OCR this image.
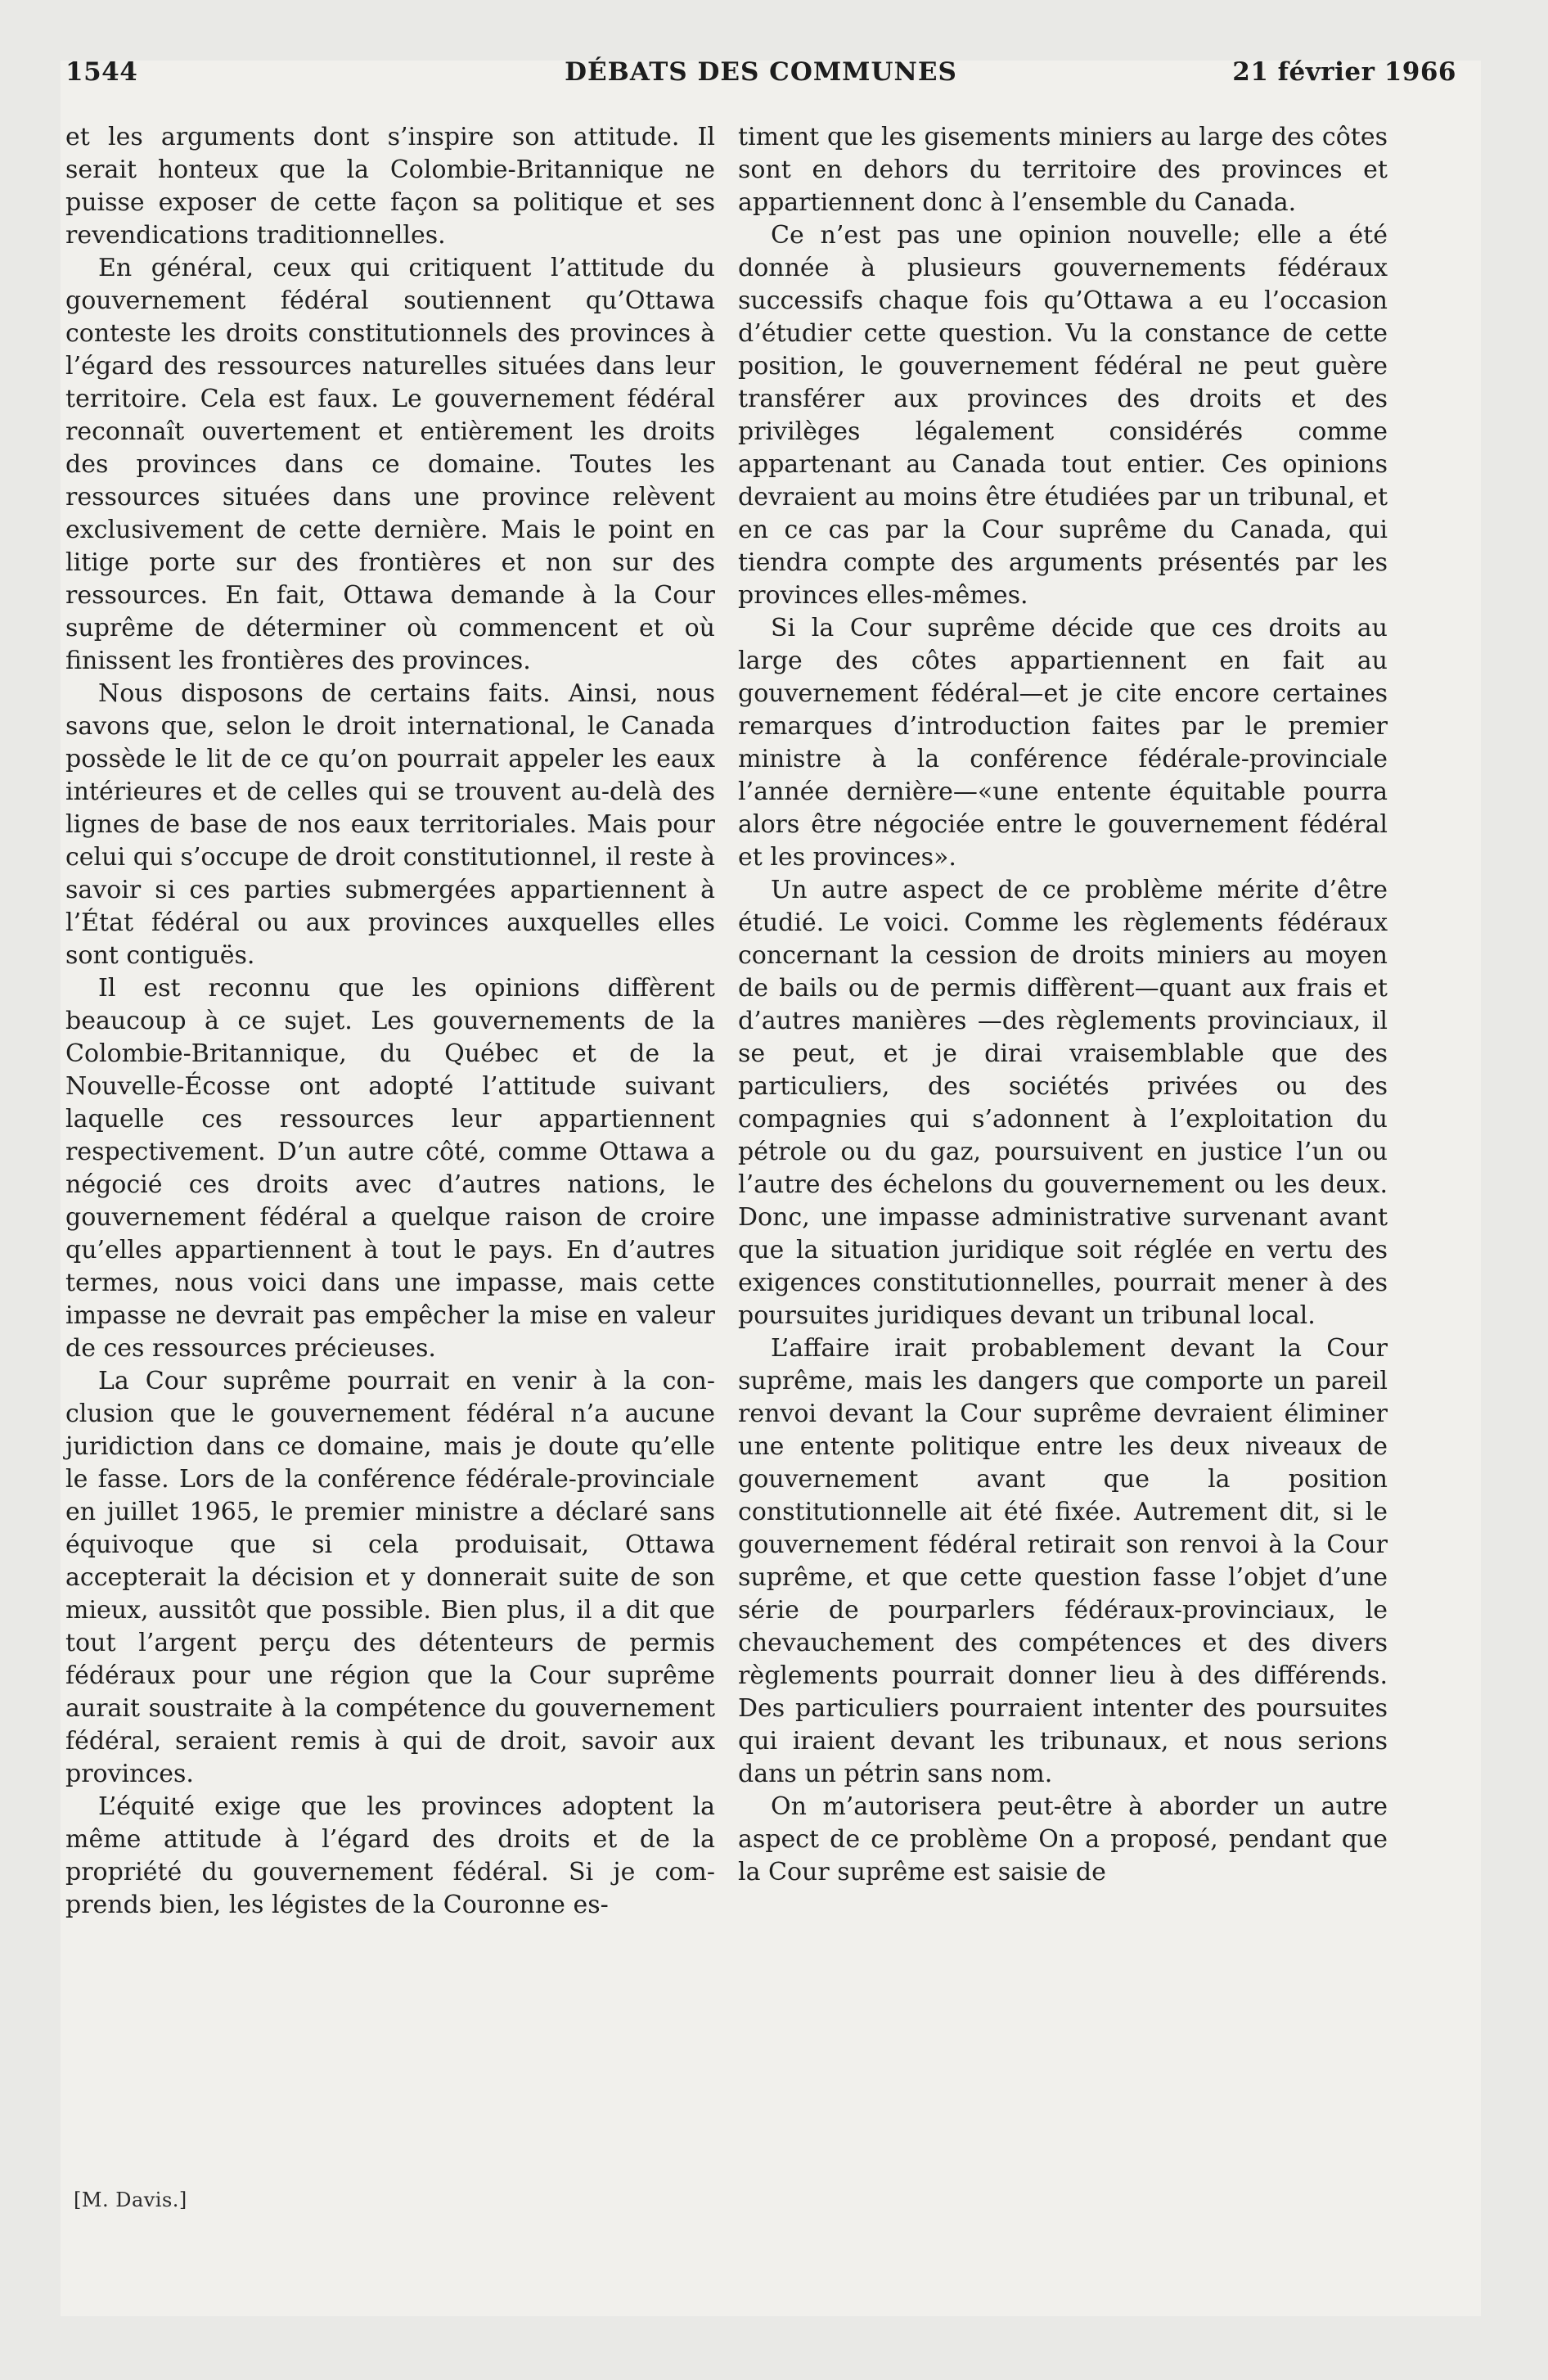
1544	DÉBATS DES COMMUNES	21 février 1966

et les arguments dont s’inspire son attitude. Il serait honteux que la Colombie-Britannique ne puisse exposer de cette façon sa politique et ses revendications traditionnelles.

En général, ceux qui critiquent l’attitude du gouvernement fédéral soutiennent qu’Ottawa conteste les droits constitutionnels des provinces à l’égard des ressources naturelles situées dans leur territoire. Cela est faux. Le gouvernement fédéral reconnaît ouvertement et entièrement les droits des provinces dans ce domaine. Toutes les ressources situées dans une province relèvent exclusivement de cette dernière. Mais le point en litige porte sur des frontières et non sur des ressources. En fait, Ottawa demande à la Cour suprême de déterminer où commencent et où finissent les frontières des provinces.

Nous disposons de certains faits. Ainsi, nous savons que, selon le droit international, le Canada possède le lit de ce qu’on pourrait appeler les eaux intérieures et de celles qui se trouvent au-delà des lignes de base de nos eaux territoriales. Mais pour celui qui s’occupe de droit constitutionnel, il reste à savoir si ces parties submergées appartiennent à l’État fédéral ou aux provinces auxquelles elles sont contiguës.

Il est reconnu que les opinions diffèrent beaucoup à ce sujet. Les gouvernements de la Colombie-Britannique, du Québec et de la Nouvelle-Écosse ont adopté l’attitude suivant laquelle ces ressources leur appartiennent respectivement. D’un autre côté, comme Ottawa a négocié ces droits avec d’autres nations, le gouvernement fédéral a quelque raison de croire qu’elles appartiennent à tout le pays. En d’autres termes, nous voici dans une impasse, mais cette impasse ne devrait pas empêcher la mise en valeur de ces ressources précieuses.

La Cour suprême pourrait en venir à la conclusion que le gouvernement fédéral n’a aucune juridiction dans ce domaine, mais je doute qu’elle le fasse. Lors de la conférence fédérale-provinciale en juillet 1965, le premier ministre a déclaré sans équivoque que si cela produisait, Ottawa accepterait la décision et y donnerait suite de son mieux, aussitôt que possible. Bien plus, il a dit que tout l’argent perçu des détenteurs de permis fédéraux pour une région que la Cour suprême aurait soustraite à la compétence du gouvernement fédéral, seraient remis à qui de droit, savoir aux provinces.

L’équité exige que les provinces adoptent la même attitude à l’égard des droits et de la propriété du gouvernement fédéral. Si je comprends bien, les légistes de la Couronne es-

timent que les gisements miniers au large des côtes sont en dehors du territoire des provinces et appartiennent donc à l’ensemble du Canada.

Ce n’est pas une opinion nouvelle; elle a été donnée à plusieurs gouvernements fédéraux successifs chaque fois qu’Ottawa a eu l’occasion d’étudier cette question. Vu la constance de cette position, le gouvernement fédéral ne peut guère transférer aux provinces des droits et des privilèges légalement considérés comme appartenant au Canada tout entier. Ces opinions devraient au moins être étudiées par un tribunal, et en ce cas par la Cour suprême du Canada, qui tiendra compte des arguments présentés par les provinces elles-mêmes.

Si la Cour suprême décide que ces droits au large des côtes appartiennent en fait au gouvernement fédéral—et je cite encore certaines remarques d’introduction faites par le premier ministre à la conférence fédérale-provinciale l’année dernière—«une entente équitable pourra alors être négociée entre le gouvernement fédéral et les provinces».

Un autre aspect de ce problème mérite d’être étudié. Le voici. Comme les règlements fédéraux concernant la cession de droits miniers au moyen de bails ou de permis diffèrent—quant aux frais et d’autres manières —des règlements provinciaux, il se peut, et je dirai vraisemblable que des particuliers, des sociétés privées ou des compagnies qui s’adonnent à l’exploitation du pétrole ou du gaz, poursuivent en justice l’un ou l’autre des échelons du gouvernement ou les deux. Donc, une impasse administrative survenant avant que la situation juridique soit réglée en vertu des exigences constitutionnelles, pourrait mener à des poursuites juridiques devant un tribunal local.

L’affaire irait probablement devant la Cour suprême, mais les dangers que comporte un pareil renvoi devant la Cour suprême devraient éliminer une entente politique entre les deux niveaux de gouvernement avant que la position constitutionnelle ait été fixée. Autrement dit, si le gouvernement fédéral retirait son renvoi à la Cour suprême, et que cette question fasse l’objet d’une série de pourparlers fédéraux-provinciaux, le chevauchement des compétences et des divers règlements pourrait donner lieu à des différends. Des particuliers pourraient intenter des poursuites qui iraient devant les tribunaux, et nous serions dans un pétrin sans nom.

On m’autorisera peut-être à aborder un autre aspect de ce problème On a proposé, pendant que la Cour suprême est saisie de

[M. Davis.]
